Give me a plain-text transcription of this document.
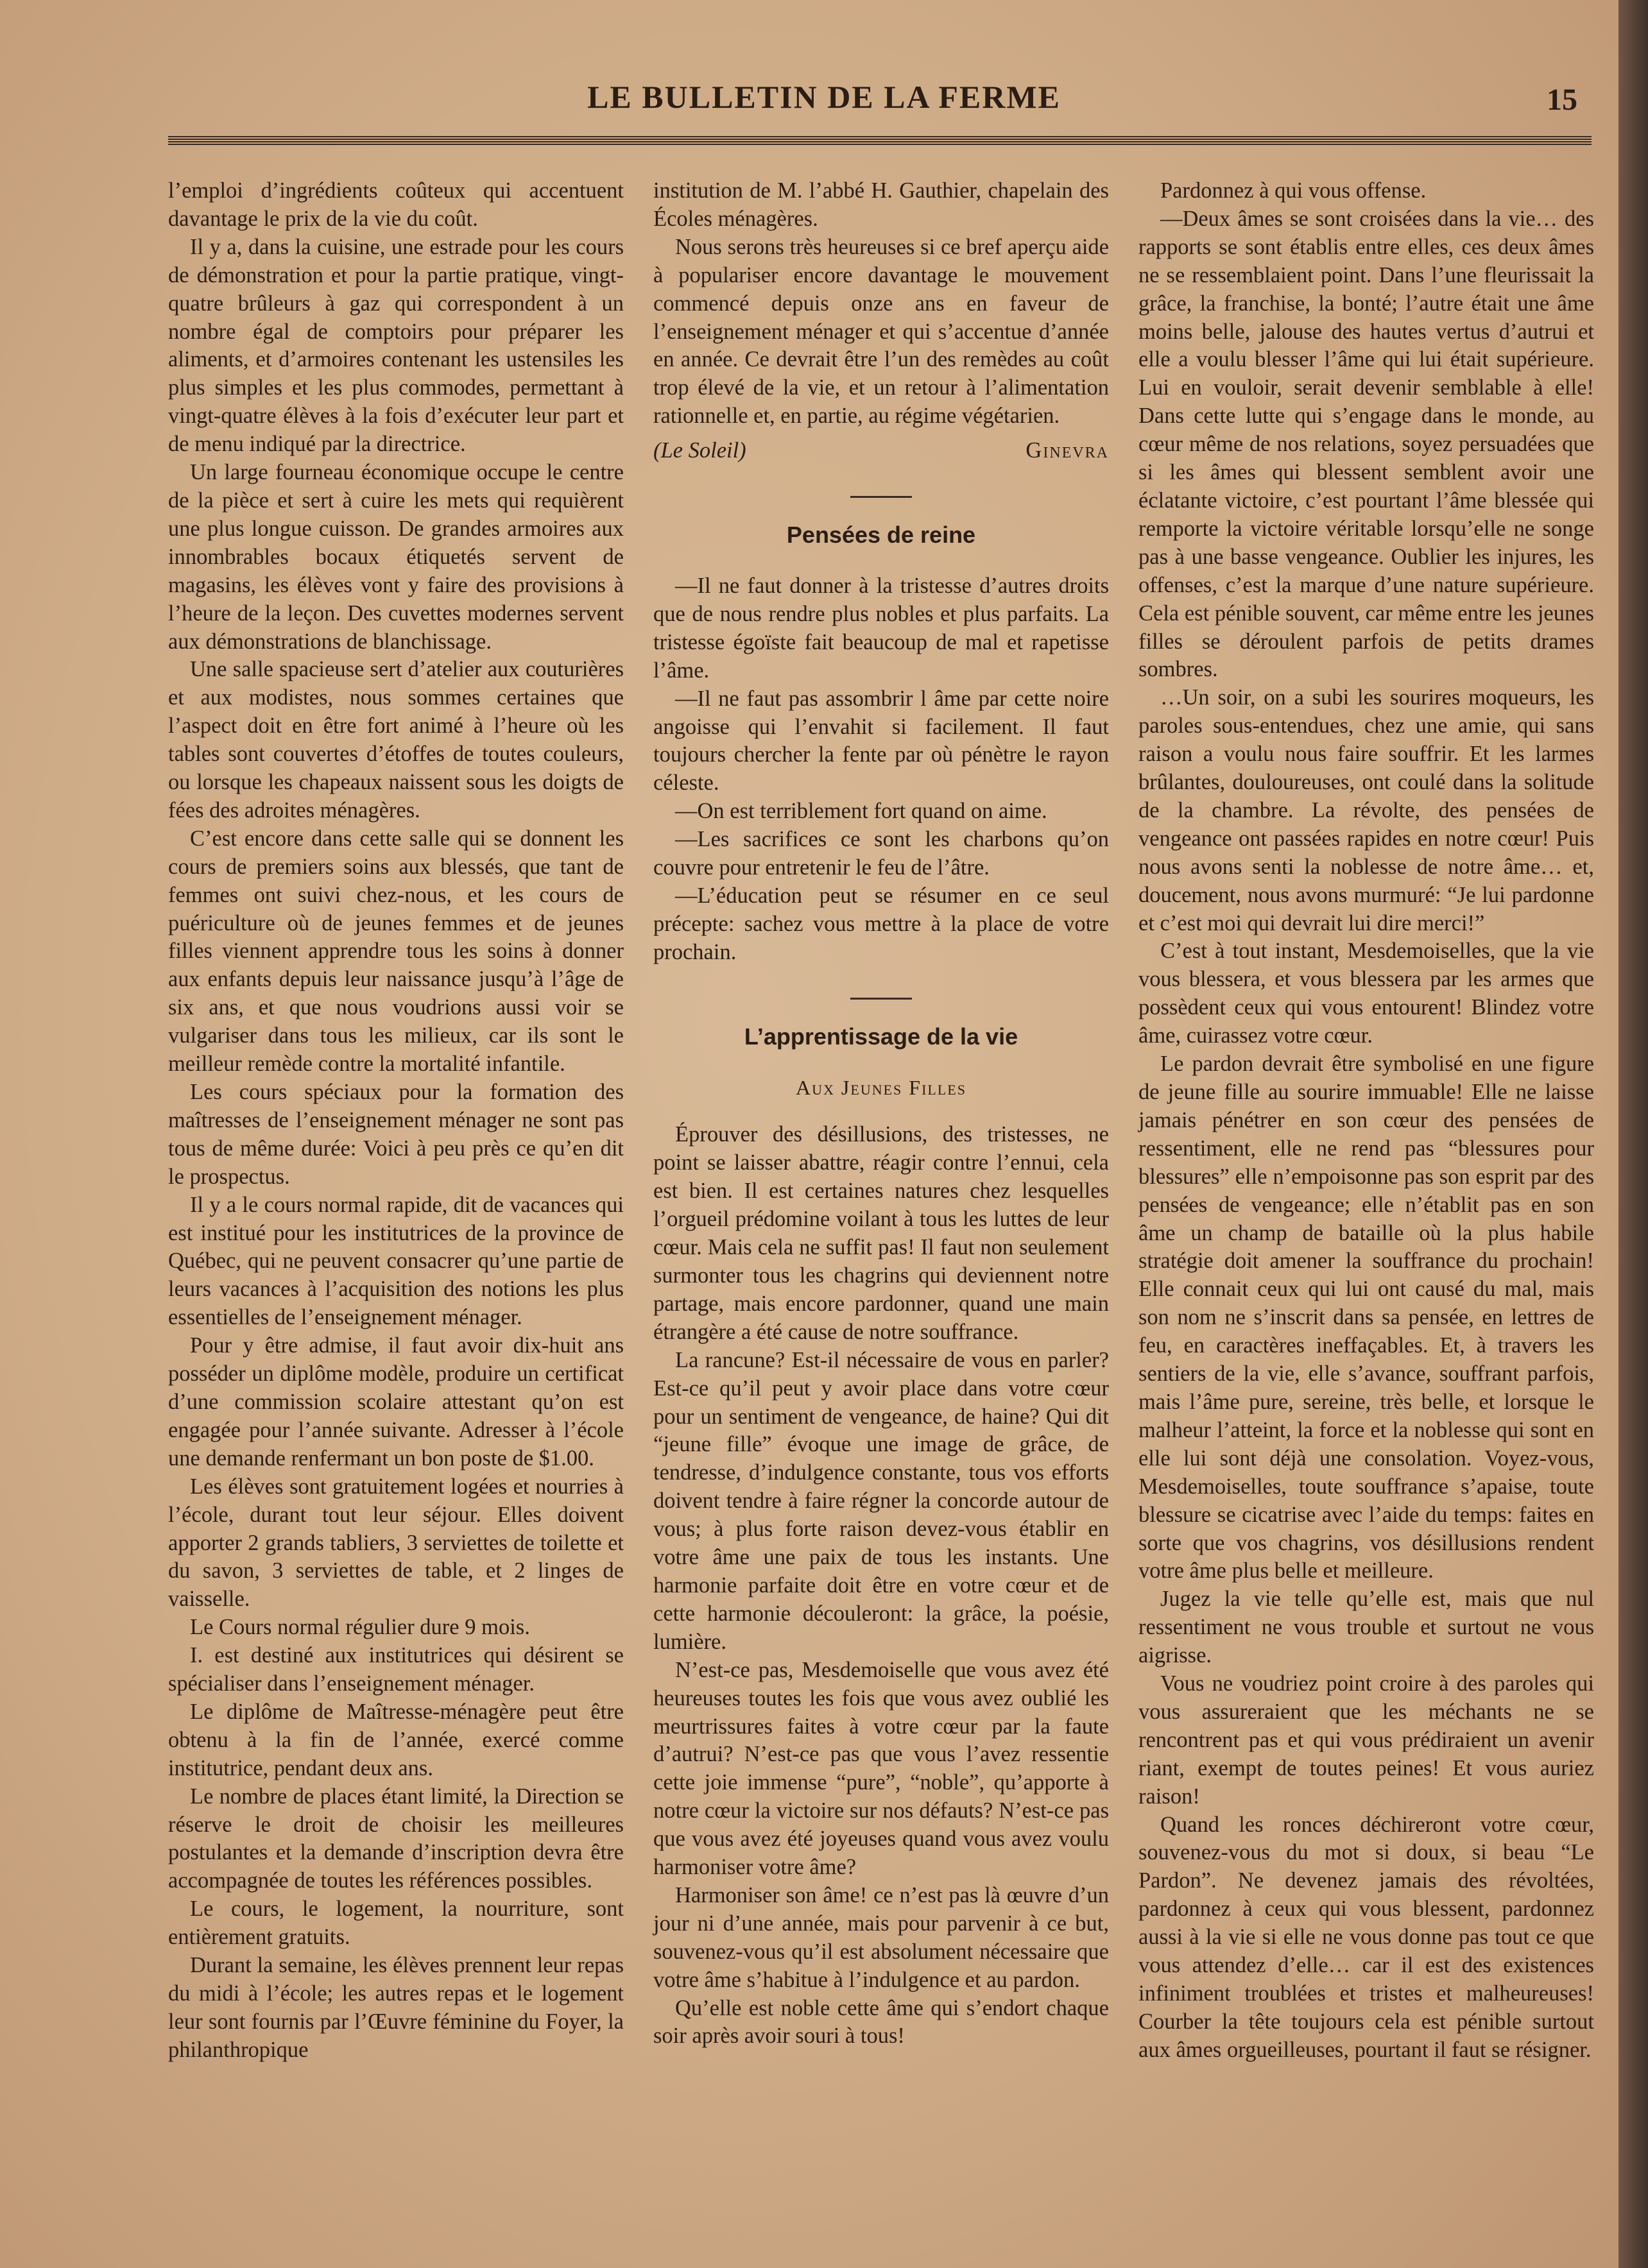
LE BULLETIN DE LA FERME	15

l’emploi d’ingrédients coûteux qui accentuent davantage le prix de la vie du coût.

Il y a, dans la cuisine, une estrade pour les cours de démonstration et pour la partie pratique, vingt-quatre brûleurs à gaz qui correspondent à un nombre égal de comptoirs pour préparer les aliments, et d’armoires contenant les ustensiles les plus simples et les plus commodes, permettant à vingt-quatre élèves à la fois d’exécuter leur part et de menu indiqué par la directrice.

Un large fourneau économique occupe le centre de la pièce et sert à cuire les mets qui requièrent une plus longue cuisson. De grandes armoires aux innombrables bocaux étiquetés servent de magasins, les élèves vont y faire des provisions à l’heure de la leçon. Des cuvettes modernes servent aux démonstrations de blanchissage.

Une salle spacieuse sert d’atelier aux couturières et aux modistes, nous sommes certaines que l’aspect doit en être fort animé à l’heure où les tables sont couvertes d’étoffes de toutes couleurs, ou lorsque les chapeaux naissent sous les doigts de fées des adroites ménagères.

C’est encore dans cette salle qui se donnent les cours de premiers soins aux blessés, que tant de femmes ont suivi chez-nous, et les cours de puériculture où de jeunes femmes et de jeunes filles viennent apprendre tous les soins à donner aux enfants depuis leur naissance jusqu’à l’âge de six ans, et que nous voudrions aussi voir se vulgariser dans tous les milieux, car ils sont le meilleur remède contre la mortalité infantile.

Les cours spéciaux pour la formation des maîtresses de l’enseignement ménager ne sont pas tous de même durée: Voici à peu près ce qu’en dit le prospectus.

Il y a le cours normal rapide, dit de vacances qui est institué pour les institutrices de la province de Québec, qui ne peuvent consacrer qu’une partie de leurs vacances à l’acquisition des notions les plus essentielles de l’enseignement ménager.

Pour y être admise, il faut avoir dix-huit ans posséder un diplôme modèle, produire un certificat d’une commission scolaire attestant qu’on est engagée pour l’année suivante. Adresser à l’école une demande renfermant un bon poste de $1.00.

Les élèves sont gratuitement logées et nourries à l’école, durant tout leur séjour. Elles doivent apporter 2 grands tabliers, 3 serviettes de toilette et du savon, 3 serviettes de table, et 2 linges de vaisselle.

Le Cours normal régulier dure 9 mois.

I. est destiné aux institutrices qui désirent se spécialiser dans l’enseignement ménager.

Le diplôme de Maîtresse-ménagère peut être obtenu à la fin de l’année, exercé comme institutrice, pendant deux ans.

Le nombre de places étant limité, la Direction se réserve le droit de choisir les meilleures postulantes et la demande d’inscription devra être accompagnée de toutes les références possibles.

Le cours, le logement, la nourriture, sont entièrement gratuits.

Durant la semaine, les élèves prennent leur repas du midi à l’école; les autres repas et le logement leur sont fournis par l’Œuvre féminine du Foyer, la philanthropique

institution de M. l’abbé H. Gauthier, chapelain des Écoles ménagères.

Nous serons très heureuses si ce bref aperçu aide à populariser encore davantage le mouvement commencé depuis onze ans en faveur de l’enseignement ménager et qui s’accentue d’année en année. Ce devrait être l’un des remèdes au coût trop élevé de la vie, et un retour à l’alimentation rationnelle et, en partie, au régime végétarien.

(Le Soleil)	Ginevra
Pensées de reine

—Il ne faut donner à la tristesse d’autres droits que de nous rendre plus nobles et plus parfaits. La tristesse égoïste fait beaucoup de mal et rapetisse l’âme.

—Il ne faut pas assombrir l âme par cette noire angoisse qui l’envahit si facilement. Il faut toujours chercher la fente par où pénètre le rayon céleste.

—On est terriblement fort quand on aime.

—Les sacrifices ce sont les charbons qu’on couvre pour entretenir le feu de l’âtre.

—L’éducation peut se résumer en ce seul précepte: sachez vous mettre à la place de votre prochain.

L’apprentissage de la vie
Aux Jeunes Filles

Éprouver des désillusions, des tristesses, ne point se laisser abattre, réagir contre l’ennui, cela est bien. Il est certaines natures chez lesquelles l’orgueil prédomine voilant à tous les luttes de leur cœur. Mais cela ne suffit pas! Il faut non seulement surmonter tous les chagrins qui deviennent notre partage, mais encore pardonner, quand une main étrangère a été cause de notre souffrance.

La rancune? Est-il nécessaire de vous en parler? Est-ce qu’il peut y avoir place dans votre cœur pour un sentiment de vengeance, de haine? Qui dit “jeune fille” évoque une image de grâce, de tendresse, d’indulgence constante, tous vos efforts doivent tendre à faire régner la concorde autour de vous; à plus forte raison devez-vous établir en votre âme une paix de tous les instants. Une harmonie parfaite doit être en votre cœur et de cette harmonie découleront: la grâce, la poésie, lumière.

N’est-ce pas, Mesdemoiselle que vous avez été heureuses toutes les fois que vous avez oublié les meurtrissures faites à votre cœur par la faute d’autrui? N’est-ce pas que vous l’avez ressentie cette joie immense “pure”, “noble”, qu’apporte à notre cœur la victoire sur nos défauts? N’est-ce pas que vous avez été joyeuses quand vous avez voulu harmoniser votre âme?

Harmoniser son âme! ce n’est pas là œuvre d’un jour ni d’une année, mais pour parvenir à ce but, souvenez-vous qu’il est absolument nécessaire que votre âme s’habitue à l’indulgence et au pardon.

Qu’elle est noble cette âme qui s’endort chaque soir après avoir souri à tous!

Pardonnez à qui vous offense.

—Deux âmes se sont croisées dans la vie… des rapports se sont établis entre elles, ces deux âmes ne se ressemblaient point. Dans l’une fleurissait la grâce, la franchise, la bonté; l’autre était une âme moins belle, jalouse des hautes vertus d’autrui et elle a voulu blesser l’âme qui lui était supérieure. Lui en vouloir, serait devenir semblable à elle! Dans cette lutte qui s’engage dans le monde, au cœur même de nos relations, soyez persuadées que si les âmes qui blessent semblent avoir une éclatante victoire, c’est pourtant l’âme blessée qui remporte la victoire véritable lorsqu’elle ne songe pas à une basse vengeance. Oublier les injures, les offenses, c’est la marque d’une nature supérieure. Cela est pénible souvent, car même entre les jeunes filles se déroulent parfois de petits drames sombres.

…Un soir, on a subi les sourires moqueurs, les paroles sous-entendues, chez une amie, qui sans raison a voulu nous faire souffrir. Et les larmes brûlantes, douloureuses, ont coulé dans la solitude de la chambre. La révolte, des pensées de vengeance ont passées rapides en notre cœur! Puis nous avons senti la noblesse de notre âme… et, doucement, nous avons murmuré: “Je lui pardonne et c’est moi qui devrait lui dire merci!”

C’est à tout instant, Mesdemoiselles, que la vie vous blessera, et vous blessera par les armes que possèdent ceux qui vous entourent! Blindez votre âme, cuirassez votre cœur.

Le pardon devrait être symbolisé en une figure de jeune fille au sourire immuable! Elle ne laisse jamais pénétrer en son cœur des pensées de ressentiment, elle ne rend pas “blessures pour blessures” elle n’empoisonne pas son esprit par des pensées de vengeance; elle n’établit pas en son âme un champ de bataille où la plus habile stratégie doit amener la souffrance du prochain! Elle connait ceux qui lui ont causé du mal, mais son nom ne s’inscrit dans sa pensée, en lettres de feu, en caractères ineffaçables. Et, à travers les sentiers de la vie, elle s’avance, souffrant parfois, mais l’âme pure, sereine, très belle, et lorsque le malheur l’atteint, la force et la noblesse qui sont en elle lui sont déjà une consolation. Voyez-vous, Mesdemoiselles, toute souffrance s’apaise, toute blessure se cicatrise avec l’aide du temps: faites en sorte que vos chagrins, vos désillusions rendent votre âme plus belle et meilleure.

Jugez la vie telle qu’elle est, mais que nul ressentiment ne vous trouble et surtout ne vous aigrisse.

Vous ne voudriez point croire à des paroles qui vous assureraient que les méchants ne se rencontrent pas et qui vous prédiraient un avenir riant, exempt de toutes peines! Et vous auriez raison!

Quand les ronces déchireront votre cœur, souvenez-vous du mot si doux, si beau “Le Pardon”. Ne devenez jamais des révoltées, pardonnez à ceux qui vous blessent, pardonnez aussi à la vie si elle ne vous donne pas tout ce que vous attendez d’elle… car il est des existences infiniment troublées et tristes et malheureuses! Courber la tête toujours cela est pénible surtout aux âmes orgueilleuses, pourtant il faut se résigner.
